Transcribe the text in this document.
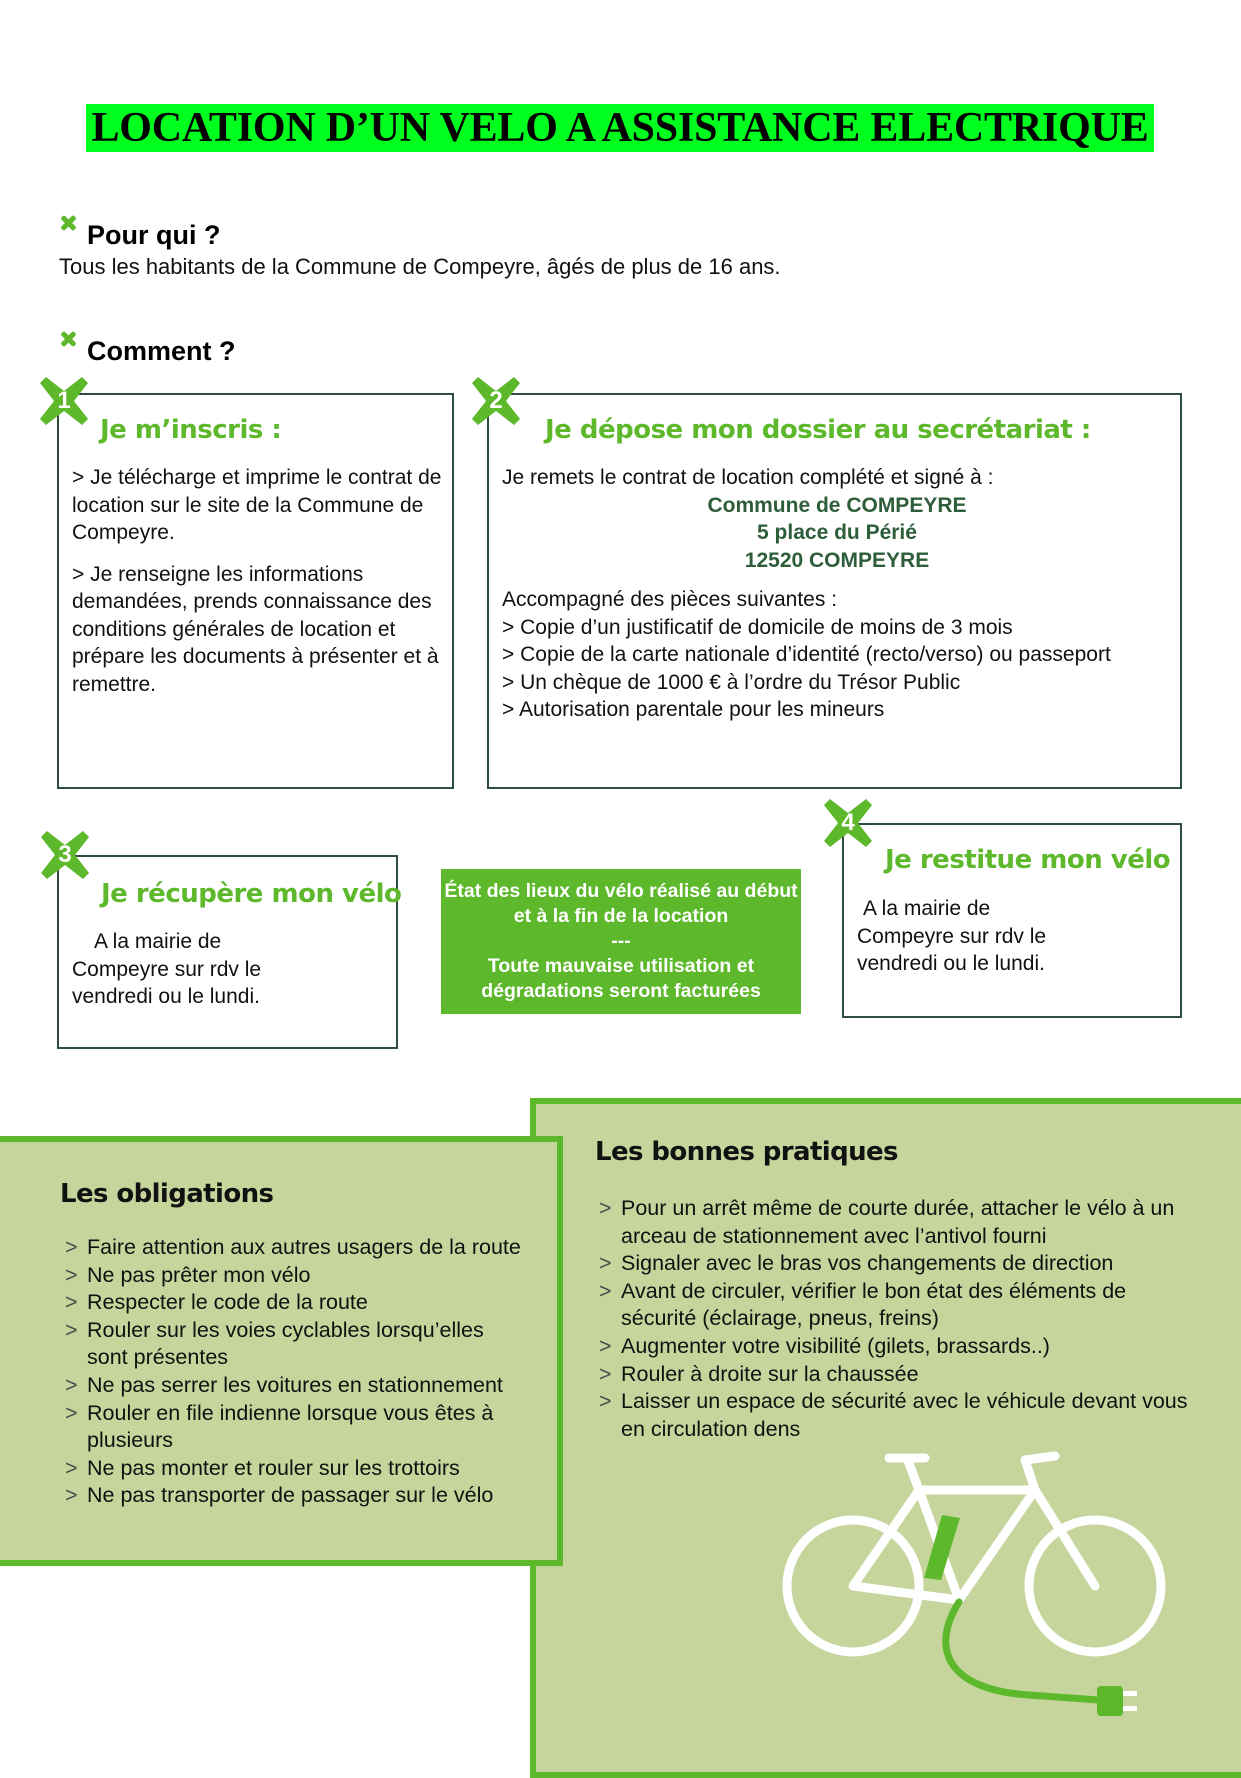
LOCATION D’UN VELO A ASSISTANCE ELECTRIQUE
Pour qui ?
Tous les habitants de la Commune de Compeyre, âgés de plus de 16 ans.
Comment ?
Je m’inscris :

> Je télécharge et imprime le contrat de location sur le site de la Commune de Compeyre.

> Je renseigne les informations demandées, prends connaissance des conditions générales de location et prépare les documents à présenter et à remettre.

Je dépose mon dossier au secrétariat :

Je remets le contrat de location complété et signé à :

Commune de COMPEYRE

5 place du Périé

12520 COMPEYRE

Accompagné des pièces suivantes :

> Copie d’un justificatif de domicile de moins de 3 mois

> Copie de la carte nationale d’identité (recto/verso) ou passeport

> Un chèque de 1000 € à l’ordre du Trésor Public

> Autorisation parentale pour les mineurs

Je récupère mon vélo
A la mairie de Compeyre sur rdv le vendredi ou le lundi.

État des lieux du vélo réalisé au début et à la fin de la location

---

Toute mauvaise utilisation et dégradations seront facturées

Je restitue mon vélo
A la mairie de Compeyre sur rdv le vendredi ou le lundi.
1	2
3
4
Les bonnes pratiques
> Pour un arrêt même de courte durée, attacher le vélo à un arceau de stationnement avec l’antivol fourni
> Signaler avec le bras vos changements de direction
> Avant de circuler, vérifier le bon état des éléments de sécurité (éclairage, pneus, freins)
> Augmenter votre visibilité (gilets, brassards..)
> Rouler à droite sur la chaussée
> Laisser un espace de sécurité avec le véhicule devant vous en circulation dens
Les obligations
> Faire attention aux autres usagers de la route
> Ne pas prêter mon vélo
> Respecter le code de la route
> Rouler sur les voies cyclables lorsqu’elles sont présentes
> Ne pas serrer les voitures en stationnement
> Rouler en file indienne lorsque vous êtes à plusieurs
> Ne pas monter et rouler sur les trottoirs
> Ne pas transporter de passager sur le vélo
